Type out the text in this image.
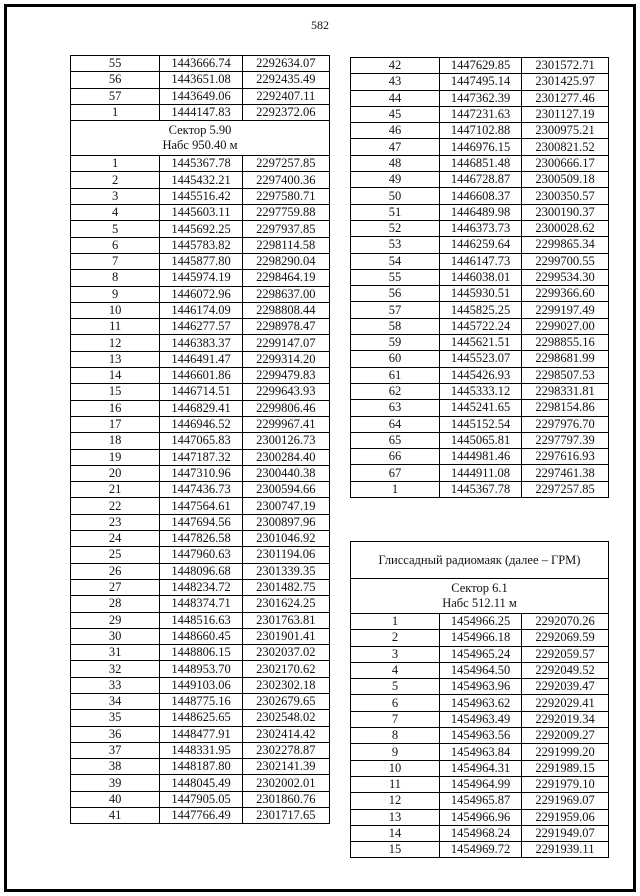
582
55	1443666.74	2292634.07
56	1443651.08	2292435.49
57	1443649.06	2292407.11
1	1444147.83	2292372.06

Сектор 5.90
Набс 950.40 м		

1	1445367.78	2297257.85
2	1445432.21	2297400.36
3	1445516.42	2297580.71
4	1445603.11	2297759.88
5	1445692.25	2297937.85
6	1445783.82	2298114.58
7	1445877.80	2298290.04
8	1445974.19	2298464.19
9	1446072.96	2298637.00
10	1446174.09	2298808.44
11	1446277.57	2298978.47
12	1446383.37	2299147.07
13	1446491.47	2299314.20
14	1446601.86	2299479.83
15	1446714.51	2299643.93
16	1446829.41	2299806.46
17	1446946.52	2299967.41
18	1447065.83	2300126.73
19	1447187.32	2300284.40
20	1447310.96	2300440.38
21	1447436.73	2300594.66
22	1447564.61	2300747.19
23	1447694.56	2300897.96
24	1447826.58	2301046.92
25	1447960.63	2301194.06
26	1448096.68	2301339.35
27	1448234.72	2301482.75
28	1448374.71	2301624.25
29	1448516.63	2301763.81
30	1448660.45	2301901.41
31	1448806.15	2302037.02
32	1448953.70	2302170.62
33	1449103.06	2302302.18
34	1448775.16	2302679.65
35	1448625.65	2302548.02
36	1448477.91	2302414.42
37	1448331.95	2302278.87
38	1448187.80	2302141.39
39	1448045.49	2302002.01
40	1447905.05	2301860.76
41	1447766.49	2301717.65
42	1447629.85	2301572.71
43	1447495.14	2301425.97
44	1447362.39	2301277.46
45	1447231.63	2301127.19
46	1447102.88	2300975.21
47	1446976.15	2300821.52
48	1446851.48	2300666.17
49	1446728.87	2300509.18
50	1446608.37	2300350.57
51	1446489.98	2300190.37
52	1446373.73	2300028.62
53	1446259.64	2299865.34
54	1446147.73	2299700.55
55	1446038.01	2299534.30
56	1445930.51	2299366.60
57	1445825.25	2299197.49
58	1445722.24	2299027.00
59	1445621.51	2298855.16
60	1445523.07	2298681.99
61	1445426.93	2298507.53
62	1445333.12	2298331.81
63	1445241.65	2298154.86
64	1445152.54	2297976.70
65	1445065.81	2297797.39
66	1444981.46	2297616.93
67	1444911.08	2297461.38
1	1445367.78	2297257.85
Глиссадный радиомаяк (далее – ГРМ)		

Сектор 6.1
Набс 512.11 м		

1	1454966.25	2292070.26
2	1454966.18	2292069.59
3	1454965.24	2292059.57
4	1454964.50	2292049.52
5	1454963.96	2292039.47
6	1454963.62	2292029.41
7	1454963.49	2292019.34
8	1454963.56	2292009.27
9	1454963.84	2291999.20
10	1454964.31	2291989.15
11	1454964.99	2291979.10
12	1454965.87	2291969.07
13	1454966.96	2291959.06
14	1454968.24	2291949.07
15	1454969.72	2291939.11
